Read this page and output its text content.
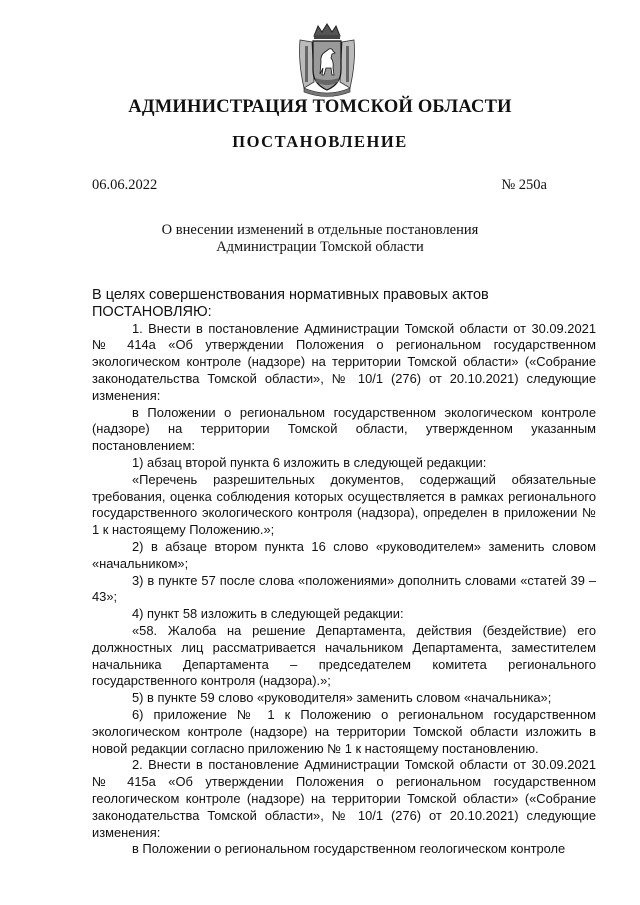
АДМИНИСТРАЦИЯ ТОМСКОЙ ОБЛАСТИ
ПОСТАНОВЛЕНИЕ
06.06.2022	№ 250а
О внесении изменений в отдельные постановления
Администрации Томской области

В целях совершенствования нормативных правовых актов

ПОСТАНОВЛЯЮ:

1. Внести в постановление Администрации Томской области от 30.09.2021 № 414а «Об утверждении Положения о региональном государственном экологическом контроле (надзоре) на территории Томской области» («Собрание законодательства Томской области», № 10/1 (276) от 20.10.2021) следующие изменения:

в Положении о региональном государственном экологическом контроле (надзоре) на территории Томской области, утвержденном указанным постановлением:

1) абзац второй пункта 6 изложить в следующей редакции:

«Перечень разрешительных документов, содержащий обязательные требования, оценка соблюдения которых осуществляется в рамках регионального государственного экологического контроля (надзора), определен в приложении № 1 к настоящему Положению.»;

2) в абзаце втором пункта 16 слово «руководителем» заменить словом «начальником»;

3) в пункте 57 после слова «положениями» дополнить словами «статей 39 – 43»;

4) пункт 58 изложить в следующей редакции:

«58. Жалоба на решение Департамента, действия (бездействие) его должностных лиц рассматривается начальником Департамента, заместителем начальника Департамента – председателем комитета регионального государственного контроля (надзора).»;

5) в пункте 59 слово «руководителя» заменить словом «начальника»;

6) приложение № 1 к Положению о региональном государственном экологическом контроле (надзоре) на территории Томской области изложить в новой редакции согласно приложению № 1 к настоящему постановлению.

2. Внести в постановление Администрации Томской области от 30.09.2021 № 415а «Об утверждении Положения о региональном государственном геологическом контроле (надзоре) на территории Томской области» («Собрание законодательства Томской области», № 10/1 (276) от 20.10.2021) следующие изменения:

в Положении о региональном государственном геологическом контроле
